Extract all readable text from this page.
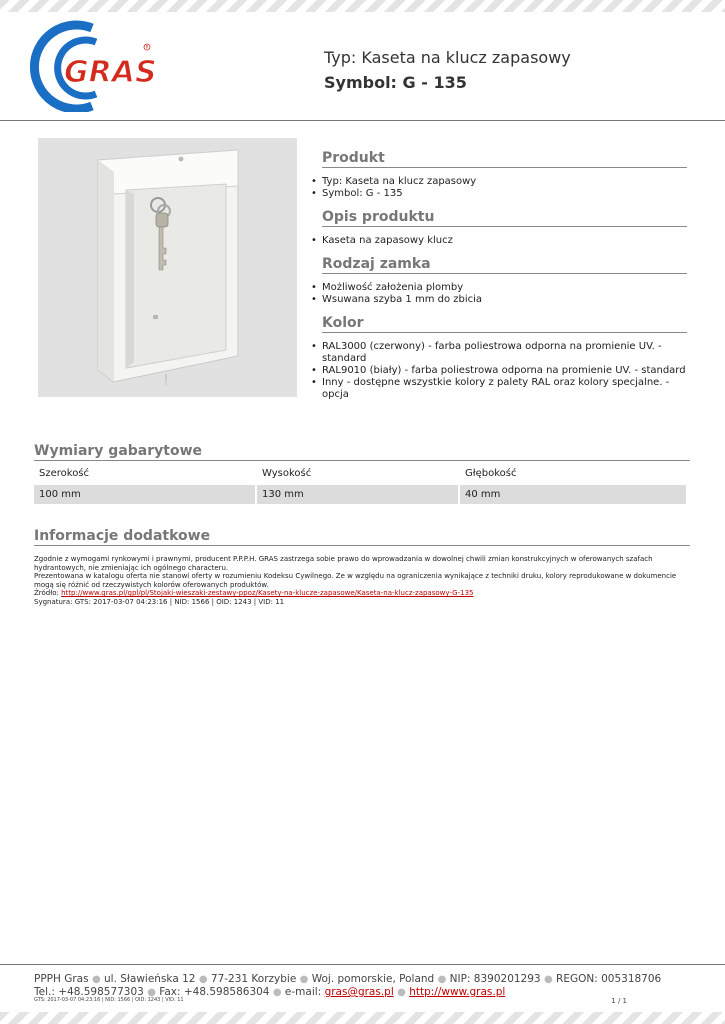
GRAS
R
Typ: Kaseta na klucz zapasowy
Symbol: G - 135
· · · · · · · · · · · · · · · · · · · · · · · · · Produkt
• Typ: Kaseta na klucz zapasowy
• Symbol: G - 135
Opis produktu
• Kaseta na zapasowy klucz
Rodzaj zamka
• Możliwość założenia plomby
• Wsuwana szyba 1 mm do zbicia
Kolor
• RAL3000 (czerwony) - farba poliestrowa odporna na promienie UV. - standard
• RAL9010 (biały) - farba poliestrowa odporna na promienie UV. - standard
• Inny - dostępne wszystkie kolory z palety RAL oraz kolory specjalne. - opcja
Wymiary gabarytowe
Szerokość	Wysokość	Głębokość
100 mm	130 mm	40 mm
Informacje dodatkowe

Zgodnie z wymogami rynkowymi i prawnymi, producent P.P.P.H. GRAS zastrzega sobie prawo do wprowadzania w dowolnej chwili zmian konstrukcyjnych w oferowanych szafach hydrantowych, nie zmieniając ich ogólnego characteru.

Prezentowana w katalogu oferta nie stanowi oferty w rozumieniu Kodeksu Cywilnego. Ze w względu na ograniczenia wynikające z techniki druku, kolory reprodukowane w dokumencie mogą się różnić od rzeczywistych kolorów oferowanych produktów.

Źródło: http://www.gras.pl/gpl/pl/Stojaki-wieszaki-zestawy-ppoz/Kasety-na-klucze-zapasowe/Kaseta-na-klucz-zapasowy-G-135

Sygnatura: GTS: 2017-03-07 04:23:16 | NID: 1566 | OID: 1243 | VID: 11

PPPH Gras ● ul. Sławieńska 12 ● 77-231 Korzybie ● Woj. pomorskie, Poland ● NIP: 8390201293 ● REGON: 005318706
Tel.: +48.598577303 ● Fax: +48.598586304 ● e-mail: gras@gras.pl ● http://www.gras.pl
GTS: 2017-03-07 04:23:16 | NID: 1566 | OID: 1243 | VID: 11	1 / 1
